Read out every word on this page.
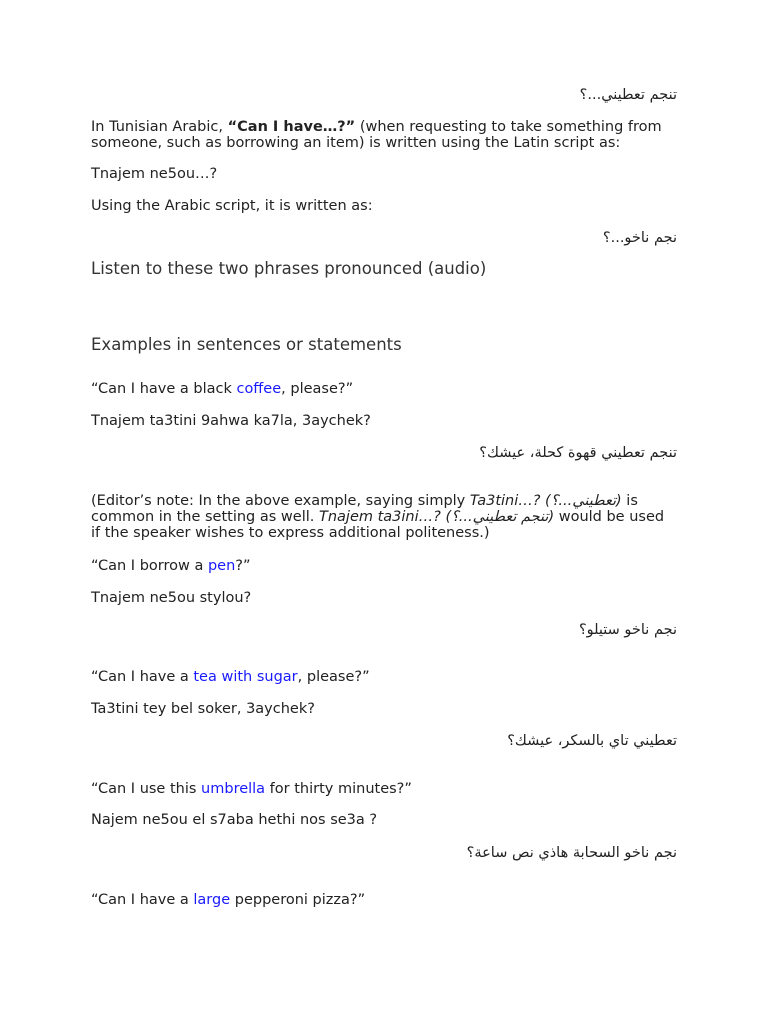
تنجم تعطيني...؟
In Tunisian Arabic, “Can I have…?” (when requesting to take something from someone, such as borrowing an item) is written using the Latin script as:
Tnajem ne5ou…?
Using the Arabic script, it is written as:
نجم ناخو...؟
Listen to these two phrases pronounced (audio)
Examples in sentences or statements
“Can I have a black coffee, please?”
Tnajem ta3tini 9ahwa ka7la, 3aychek?
تنجم تعطيني قهوة كحلة، عيشك؟
(Editor’s note: In the above example, saying simply Ta3tini…? (تعطيني...؟) is common in the setting as well. Tnajem ta3ini…? (تنجم تعطيني...؟) would be used if the speaker wishes to express additional politeness.)
“Can I borrow a pen?”
Tnajem ne5ou stylou?
نجم ناخو ستيلو؟
“Can I have a tea with sugar, please?”
Ta3tini tey bel soker, 3aychek?
تعطيني تاي بالسكر، عيشك؟
“Can I use this umbrella for thirty minutes?”
Najem ne5ou el s7aba hethi nos se3a ?
نجم ناخو السحابة هاذي نص ساعة؟
“Can I have a large pepperoni pizza?”
